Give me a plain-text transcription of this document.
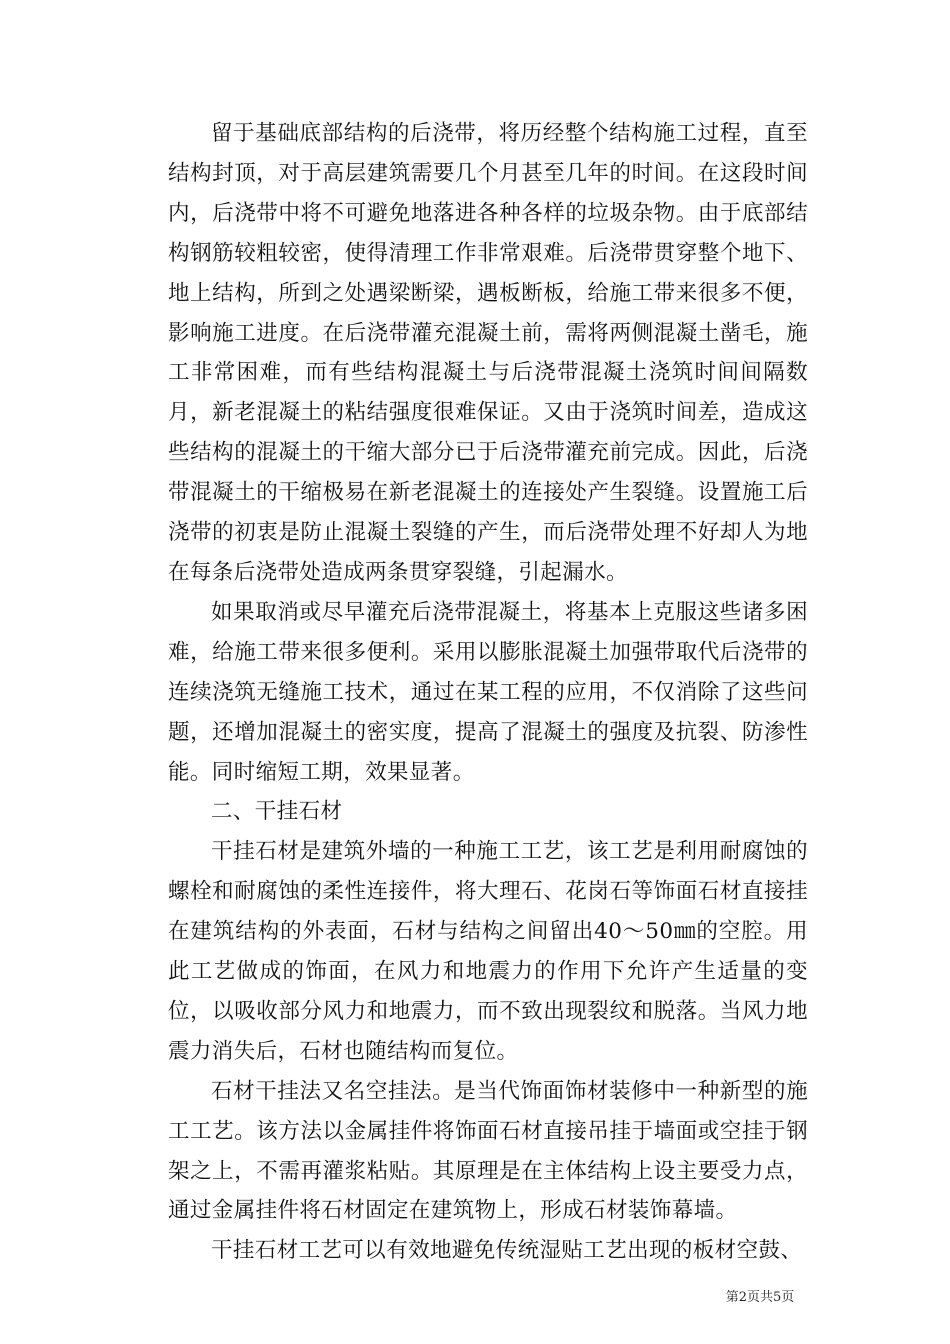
留于基础底部结构的后浇带，将历经整个结构施工过程，直至结构封顶，对于高层建筑需要几个月甚至几年的时间。在这段时间内，后浇带中将不可避免地落进各种各样的垃圾杂物。由于底部结构钢筋较粗较密，使得清理工作非常艰难。后浇带贯穿整个地下、地上结构，所到之处遇梁断梁，遇板断板，给施工带来很多不便，影响施工进度。在后浇带灌充混凝土前，需将两侧混凝土凿毛，施工非常困难，而有些结构混凝土与后浇带混凝土浇筑时间间隔数月，新老混凝土的粘结强度很难保证。又由于浇筑时间差，造成这些结构的混凝土的干缩大部分已于后浇带灌充前完成。因此，后浇带混凝土的干缩极易在新老混凝土的连接处产生裂缝。设置施工后浇带的初衷是防止混凝土裂缝的产生，而后浇带处理不好却人为地在每条后浇带处造成两条贯穿裂缝，引起漏水。

如果取消或尽早灌充后浇带混凝土，将基本上克服这些诸多困难，给施工带来很多便利。采用以膨胀混凝土加强带取代后浇带的连续浇筑无缝施工技术，通过在某工程的应用，不仅消除了这些问题，还增加混凝土的密实度，提高了混凝土的强度及抗裂、防渗性能。同时缩短工期，效果显著。

二、干挂石材

干挂石材是建筑外墙的一种施工工艺，该工艺是利用耐腐蚀的螺栓和耐腐蚀的柔性连接件，将大理石、花岗石等饰面石材直接挂在建筑结构的外表面，石材与结构之间留出40～50㎜的空腔。用此工艺做成的饰面，在风力和地震力的作用下允许产生适量的变位，以吸收部分风力和地震力，而不致出现裂纹和脱落。当风力地震力消失后，石材也随结构而复位。

石材干挂法又名空挂法。是当代饰面饰材装修中一种新型的施工工艺。该方法以金属挂件将饰面石材直接吊挂于墙面或空挂于钢架之上，不需再灌浆粘贴。其原理是在主体结构上设主要受力点，通过金属挂件将石材固定在建筑物上，形成石材装饰幕墙。

干挂石材工艺可以有效地避免传统湿贴工艺出现的板材空鼓、

第2页共5页
